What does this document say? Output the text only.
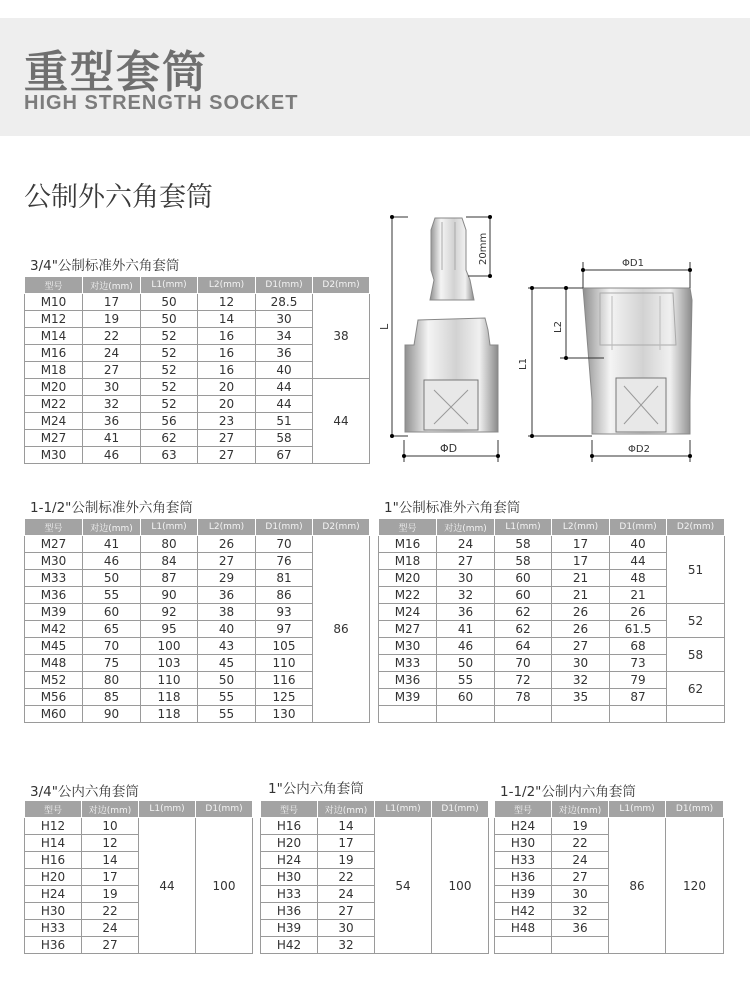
重型套筒
HIGH STRENGTH SOCKET
公制外六角套筒
L
20mm
ΦD
ΦD1
L1
L2
ΦD2
3/4"公制标准外六角套筒
型号	对边(mm)	L1(mm)	L2(mm)	D1(mm)	D2(mm)
M10	17	50	12	28.5	38
M12	19	50	14	30	
M14	22	52	16	34	
M16	24	52	16	36	
M18	27	52	16	40	
M20	30	52	20	44	44
M22	32	52	20	44	
M24	36	56	23	51	
M27	41	62	27	58	
M30	46	63	27	67	
1-1/2"公制标准外六角套筒
型号	对边(mm)	L1(mm)	L2(mm)	D1(mm)	D2(mm)
M27	41	80	26	70	86
M30	46	84	27	76	
M33	50	87	29	81	
M36	55	90	36	86	
M39	60	92	38	93	
M42	65	95	40	97	
M45	70	100	43	105	
M48	75	103	45	110	
M52	80	110	50	116	
M56	85	118	55	125	
M60	90	118	55	130	
1"公制标准外六角套筒
型号	对边(mm)	L1(mm)	L2(mm)	D1(mm)	D2(mm)
M16	24	58	17	40	51
M18	27	58	17	44	
M20	30	60	21	48	
M22	32	60	21	21	
M24	36	62	26	26	52
M27	41	62	26	61.5	
M30	46	64	27	68	58
M33	50	70	30	73	
M36	55	72	32	79	62
M39	60	78	35	87	

3/4"公内六角套筒
型号	对边(mm)	L1(mm)	D1(mm)
H12	10	44	100
H14	12		
H16	14		
H20	17		
H24	19		
H30	22		
H33	24		
H36	27		
1"公内六角套筒
型号	对边(mm)	L1(mm)	D1(mm)
H16	14	54	100
H20	17		
H24	19		
H30	22		
H33	24		
H36	27		
H39	30		
H42	32		
1-1/2"公制内六角套筒
型号	对边(mm)	L1(mm)	D1(mm)
H24	19	86	120
H30	22		
H33	24		
H36	27		
H39	30		
H42	32		
H48	36		
